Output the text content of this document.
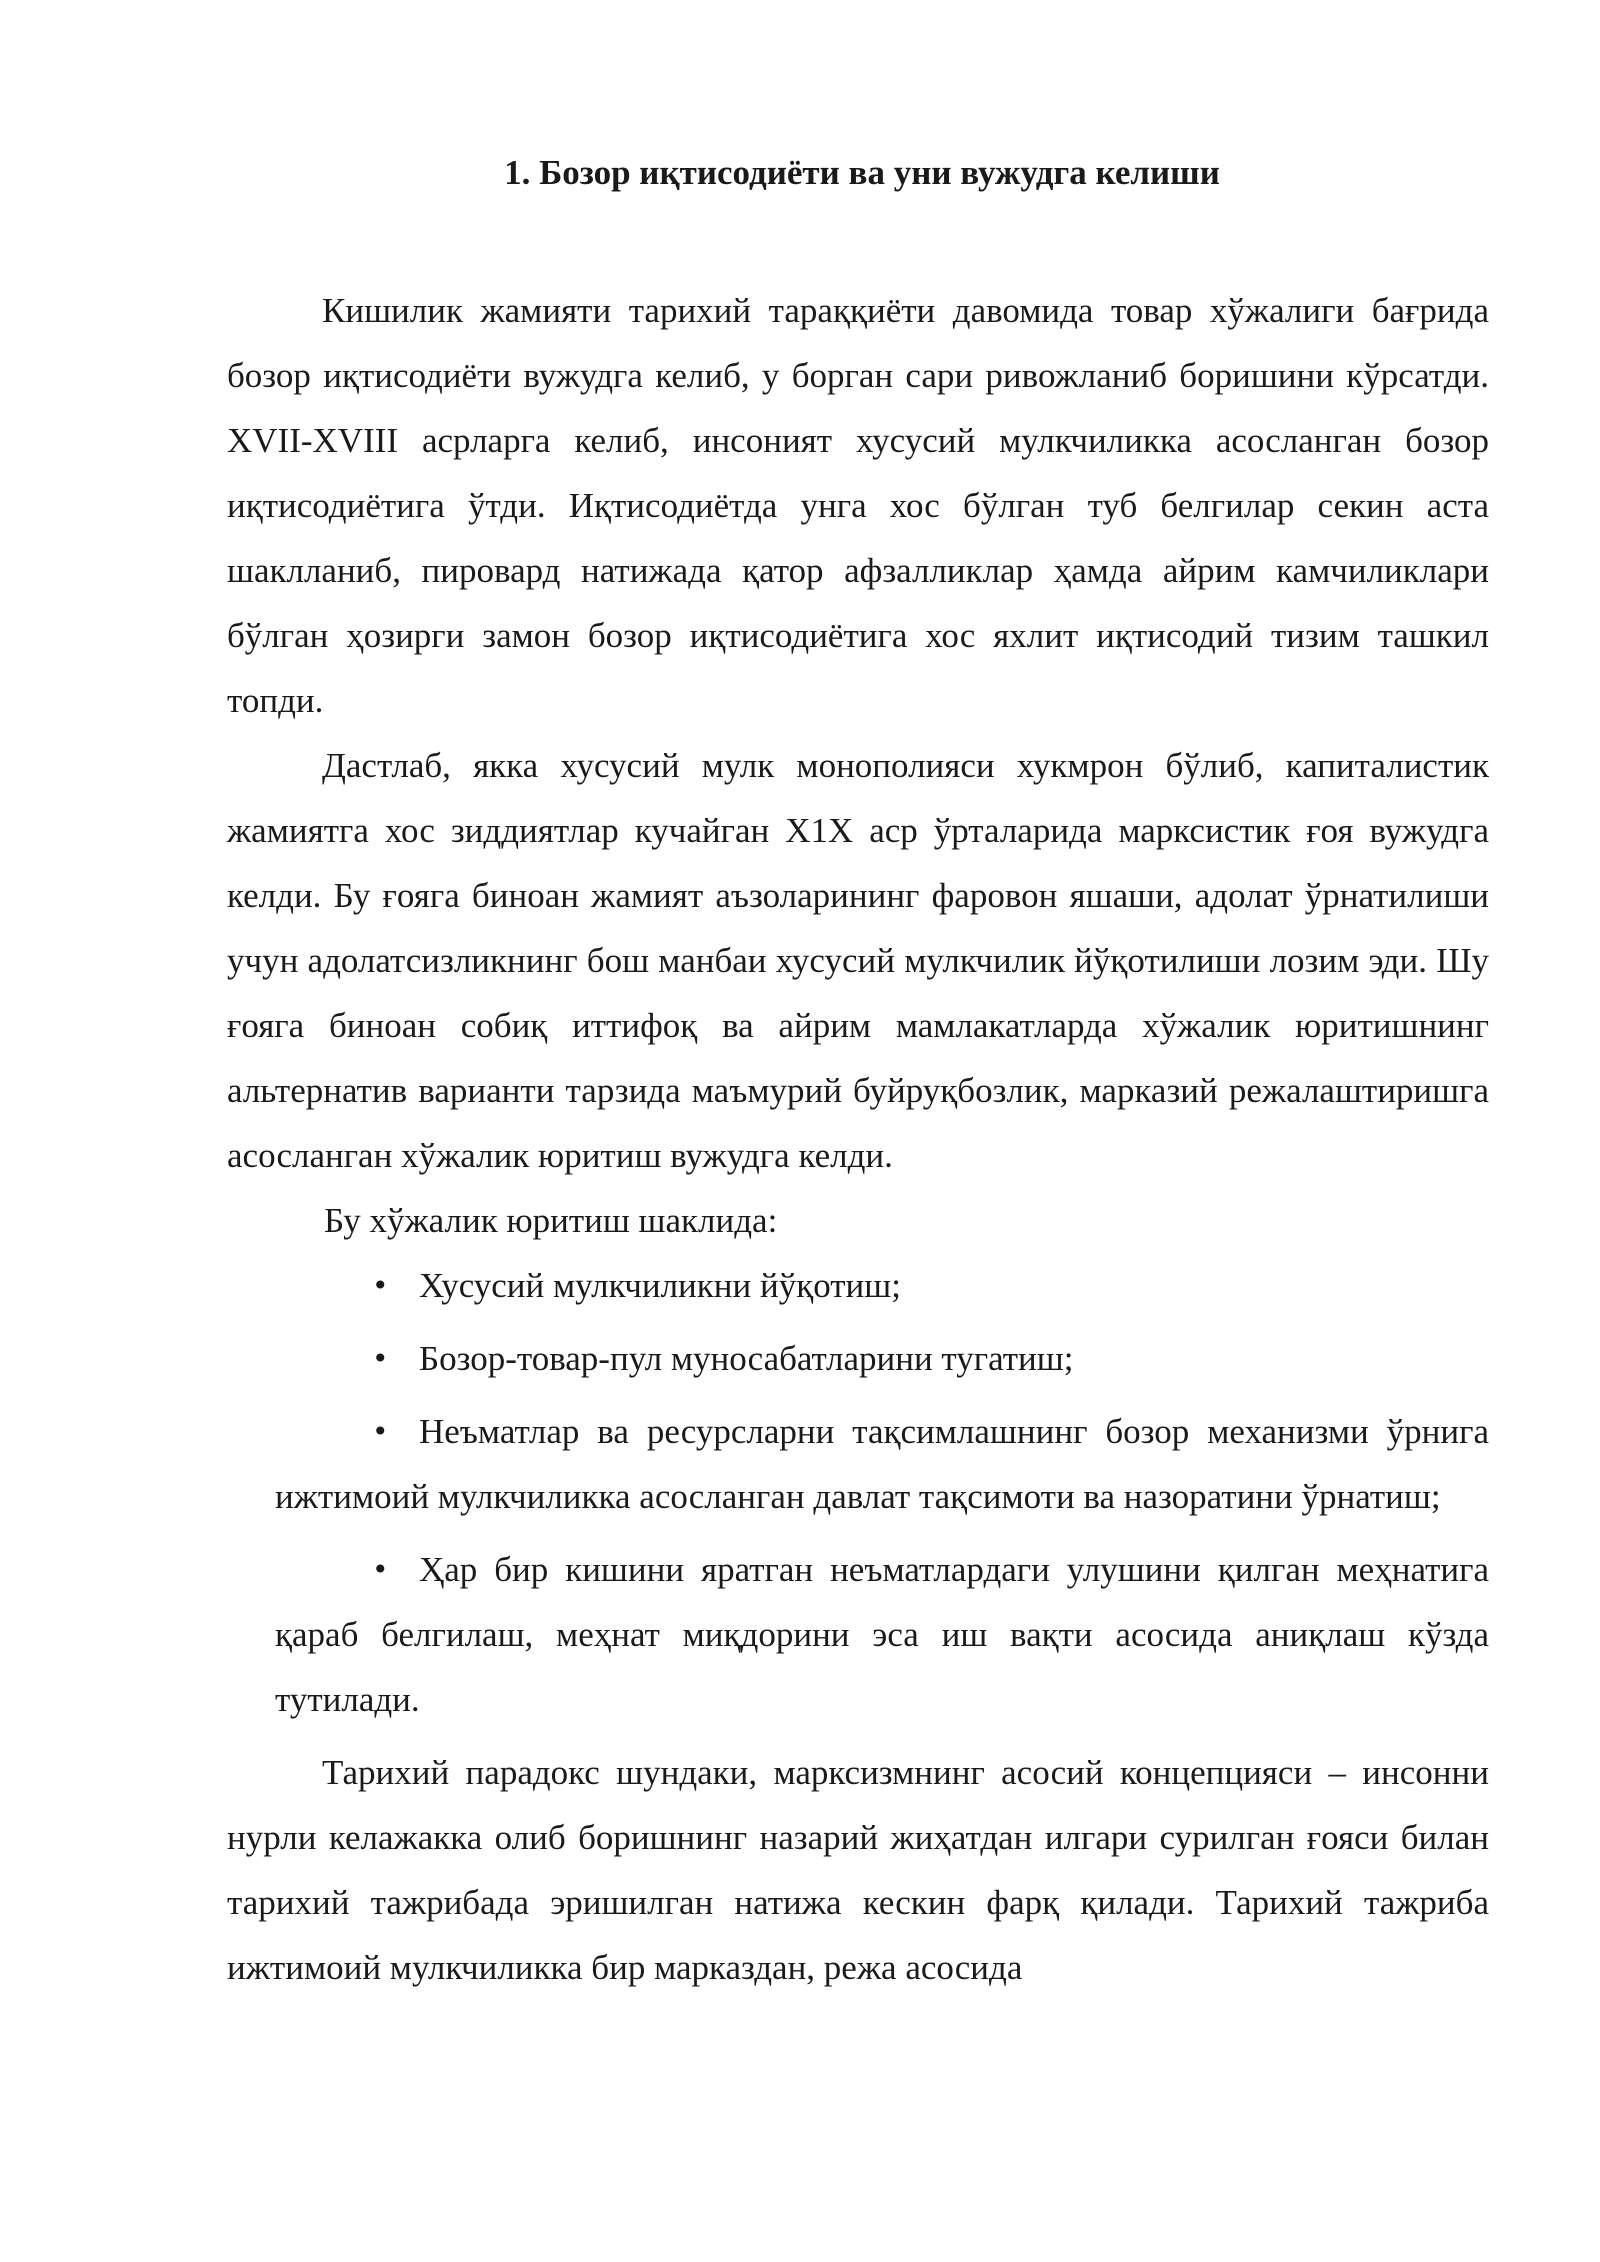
1. Бозор иқтисодиёти ва уни вужудга келиши

Кишилик жамияти тарихий тараққиёти давомида товар хўжалиги бағрида бозор иқтисодиёти вужудга келиб, у борган сари ривожланиб боришини кўрсатди. XVII-XVIII асрларга келиб, инсоният хусусий мулкчиликка асосланган бозор иқтисодиётига ўтди. Иқтисодиётда унга хос бўлган туб белгилар секин аста шаклланиб, пировард натижада қатор афзалликлар ҳамда айрим камчиликлари бўлган ҳозирги замон бозор иқтисодиётига хос яхлит иқтисодий тизим ташкил топди.

Дастлаб, якка хусусий мулк монополияси хукмрон бўлиб, капиталистик жамиятга хос зиддиятлар кучайган X1X аср ўрталарида марксистик ғоя вужудга келди. Бу ғояга биноан жамият аъзоларининг фаровон яшаши, адолат ўрнатилиши учун адолатсизликнинг бош манбаи хусусий мулкчилик йўқотилиши лозим эди. Шу ғояга биноан собиқ иттифоқ ва айрим мамлакатларда хўжалик юритишнинг альтернатив варианти тарзида маъмурий буйруқбозлик, марказий режалаштиришга асосланган хўжалик юритиш вужудга келди.

Бу хўжалик юритиш шаклида:

• Хусусий мулкчиликни йўқотиш;
• Бозор-товар-пул муносабатларини тугатиш;
• Неъматлар ва ресурсларни тақсимлашнинг бозор механизми ўрнига ижтимоий мулкчиликка асосланган давлат тақсимоти ва назоратини ўрнатиш;
• Ҳар бир кишини яратган неъматлардаги улушини қилган меҳнатига қараб белгилаш, меҳнат миқдорини эса иш вақти асосида аниқлаш кўзда тутилади.

Тарихий парадокс шундаки, марксизмнинг асосий концепцияси – инсонни нурли келажакка олиб боришнинг назарий жиҳатдан илгари сурилган ғояси билан тарихий тажрибада эришилган натижа кескин фарқ қилади. Тарихий тажриба ижтимоий мулкчиликка бир марказдан, режа асосида
